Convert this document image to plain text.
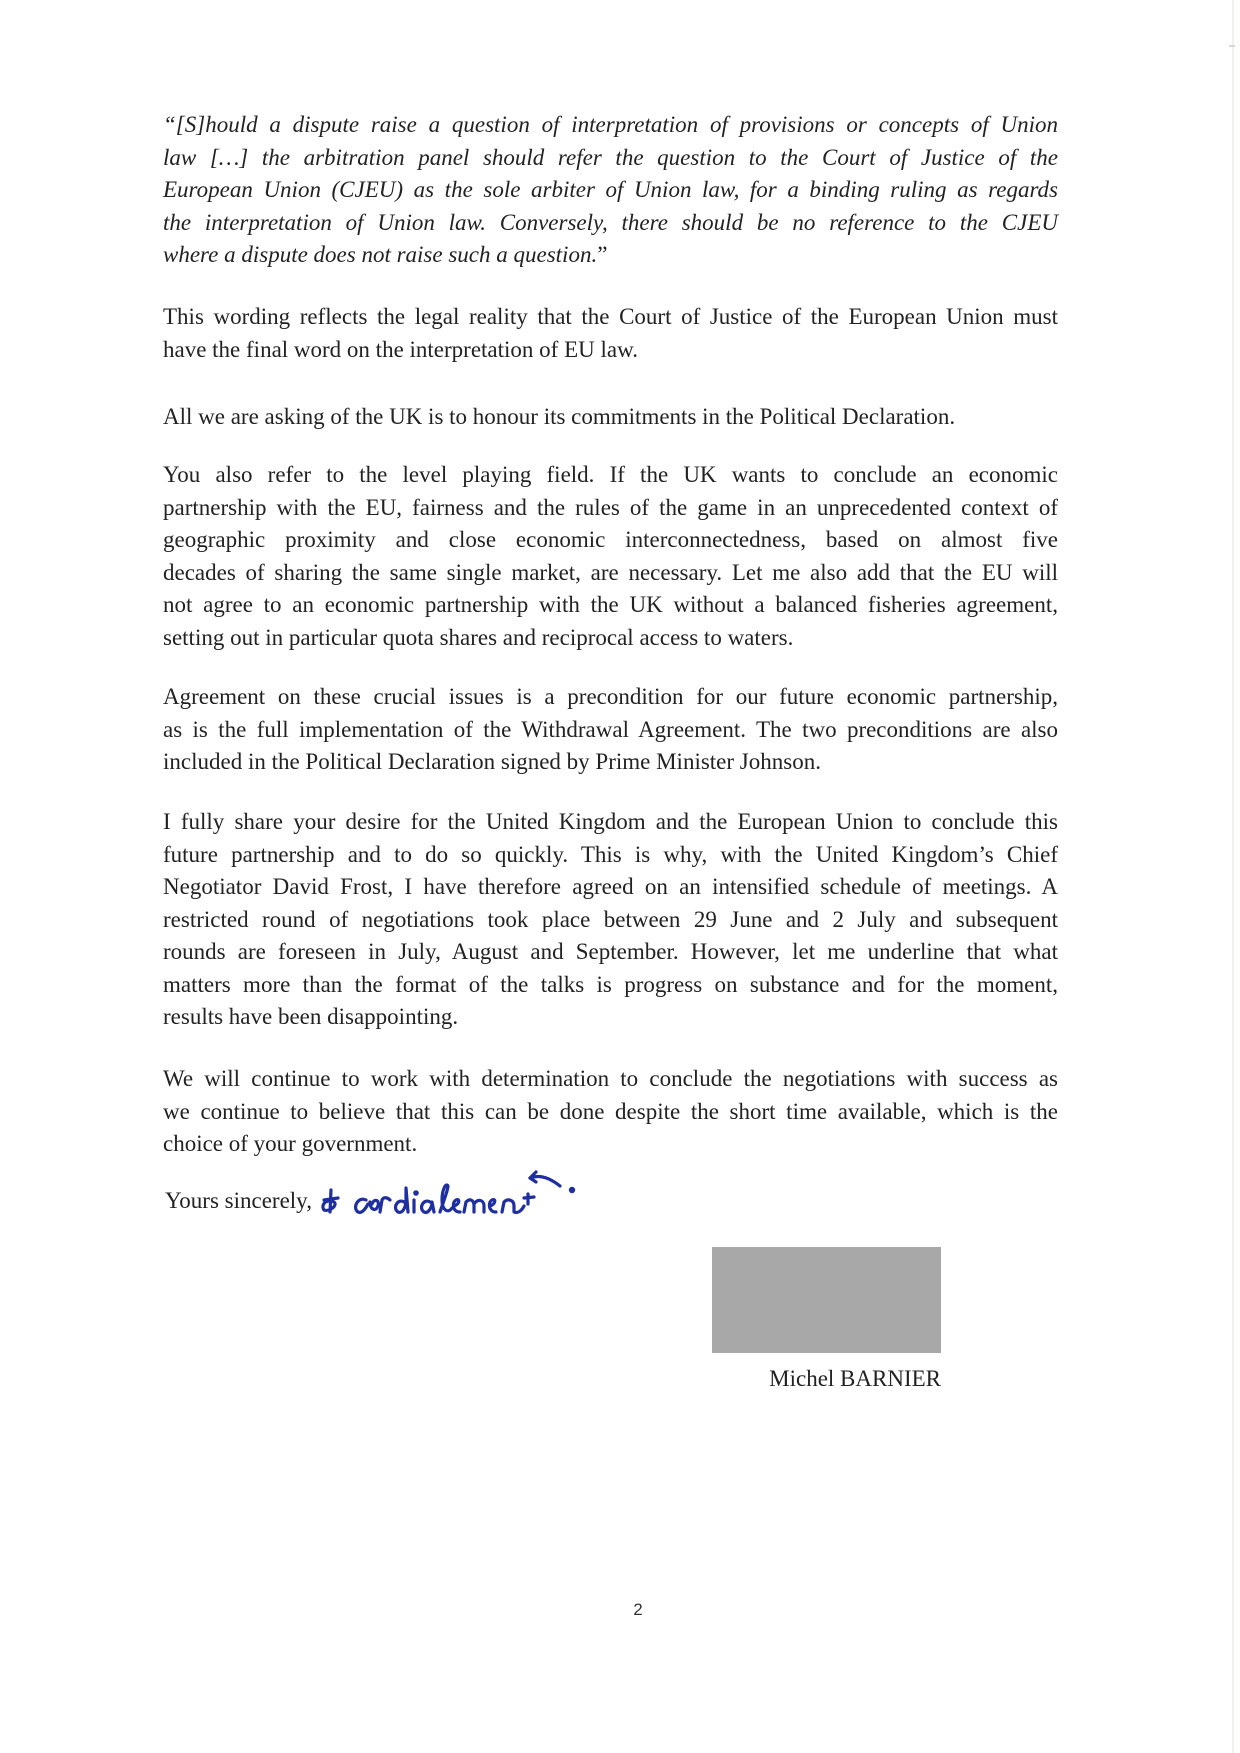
“[S]hould a dispute raise a question of interpretation of provisions or concepts of Union
law […] the arbitration panel should refer the question to the Court of Justice of the
European Union (CJEU) as the sole arbiter of Union law, for a binding ruling as regards
the interpretation of Union law. Conversely, there should be no reference to the CJEU
where a dispute does not raise such a question.”
This wording reflects the legal reality that the Court of Justice of the European Union must
have the final word on the interpretation of EU law.
All we are asking of the UK is to honour its commitments in the Political Declaration.
You also refer to the level playing field. If the UK wants to conclude an economic
partnership with the EU, fairness and the rules of the game in an unprecedented context of
geographic proximity and close economic interconnectedness, based on almost five
decades of sharing the same single market, are necessary. Let me also add that the EU will
not agree to an economic partnership with the UK without a balanced fisheries agreement,
setting out in particular quota shares and reciprocal access to waters.
Agreement on these crucial issues is a precondition for our future economic partnership,
as is the full implementation of the Withdrawal Agreement. The two preconditions are also
included in the Political Declaration signed by Prime Minister Johnson.
I fully share your desire for the United Kingdom and the European Union to conclude this
future partnership and to do so quickly. This is why, with the United Kingdom’s Chief
Negotiator David Frost, I have therefore agreed on an intensified schedule of meetings. A
restricted round of negotiations took place between 29 June and 2 July and subsequent
rounds are foreseen in July, August and September. However, let me underline that what
matters more than the format of the talks is progress on substance and for the moment,
results have been disappointing.
We will continue to work with determination to conclude the negotiations with success as
we continue to believe that this can be done despite the short time available, which is the
choice of your government.
Yours sincerely,
Michel BARNIER
2
